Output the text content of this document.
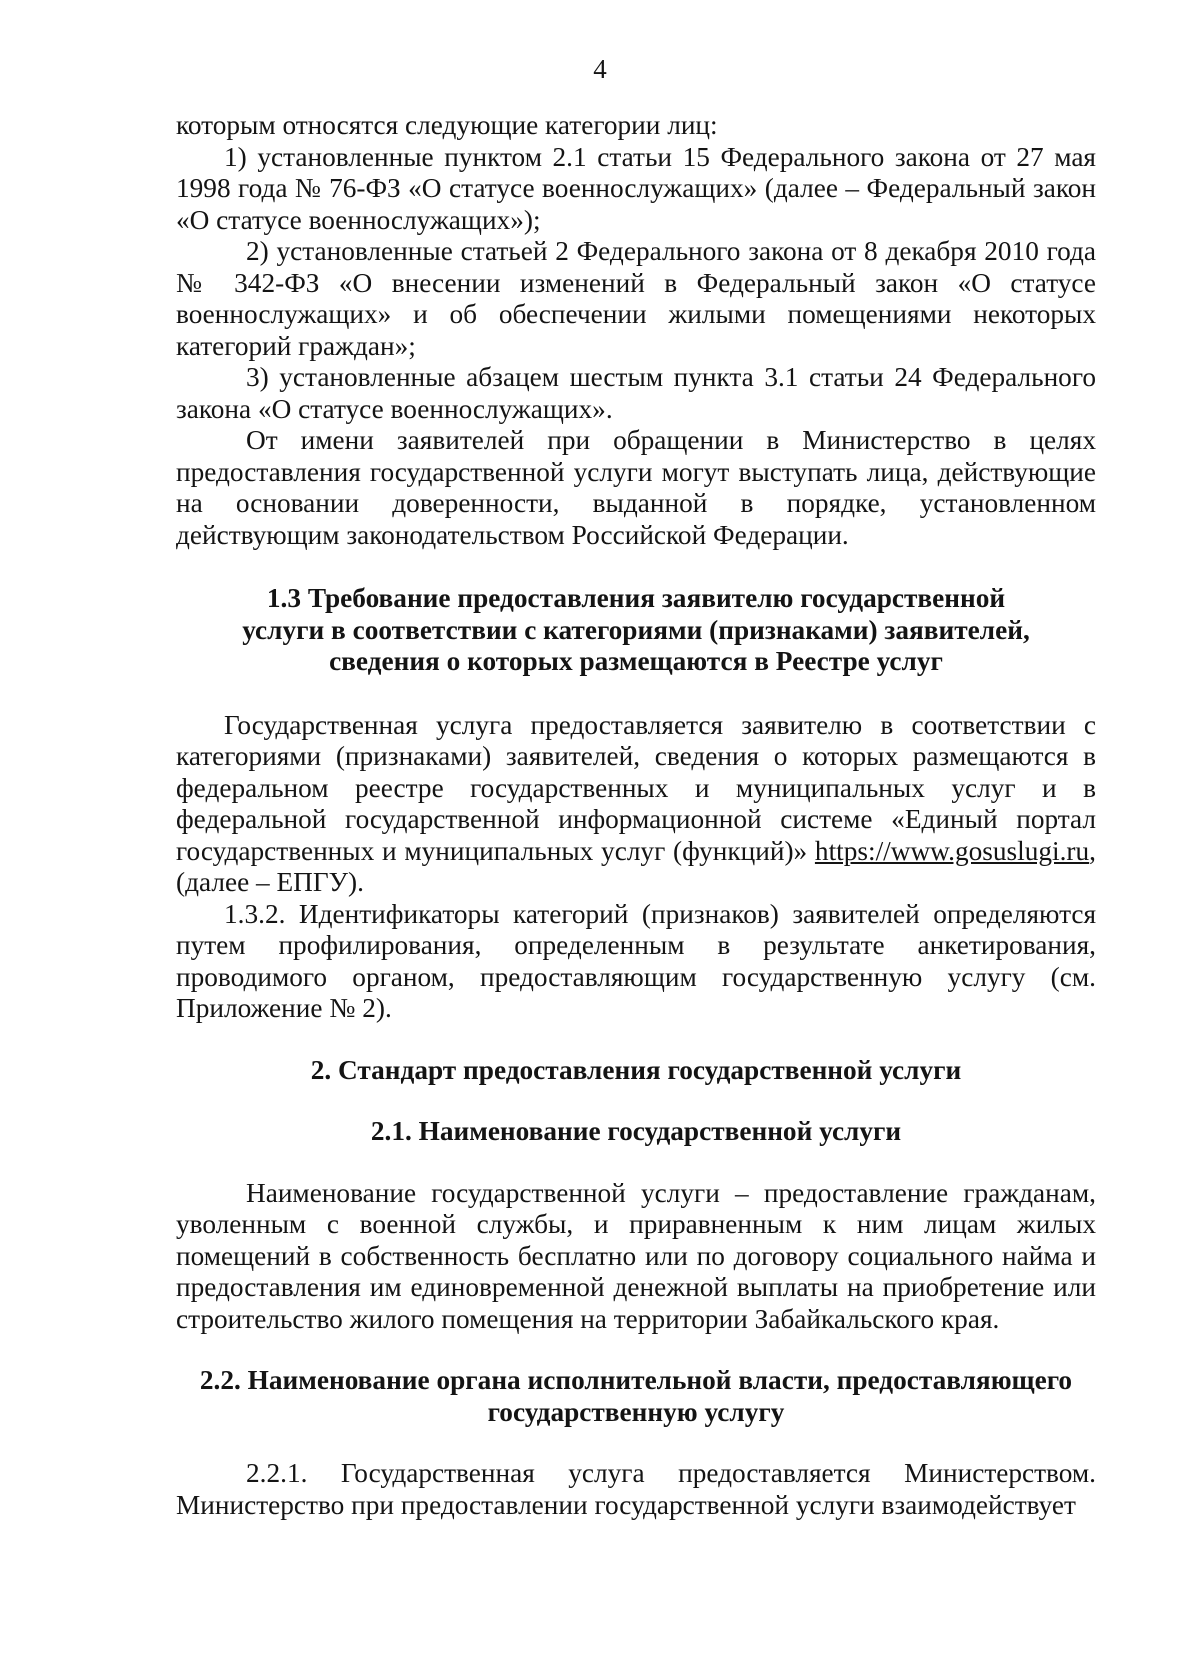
4

которым относятся следующие категории лиц:

1) установленные пунктом 2.1 статьи 15 Федерального закона от 27 мая 1998 года № 76-ФЗ «О статусе военнослужащих» (далее – Федеральный закон «О статусе военнослужащих»);

2) установленные статьей 2 Федерального закона от 8 декабря 2010 года № 342-ФЗ «О внесении изменений в Федеральный закон «О статусе военнослужащих» и об обеспечении жилыми помещениями некоторых категорий граждан»;

3) установленные абзацем шестым пункта 3.1 статьи 24 Федерального закона «О статусе военнослужащих».

От имени заявителей при обращении в Министерство в целях предоставления государственной услуги могут выступать лица, действующие на основании доверенности, выданной в порядке, установленном действующим законодательством Российской Федерации.

1.3 Требование предоставления заявителю государственной

услуги в соответствии с категориями (признаками) заявителей,

сведения о которых размещаются в Реестре услуг

Государственная услуга предоставляется заявителю в соответствии с категориями (признаками) заявителей, сведения о которых размещаются в федеральном реестре государственных и муниципальных услуг и в федеральной государственной информационной системе «Единый портал государственных и муниципальных услуг (функций)» https://www.gosuslugi.ru, (далее – ЕПГУ).

1.3.2. Идентификаторы категорий (признаков) заявителей определяются путем профилирования, определенным в результате анкетирования, проводимого органом, предоставляющим государственную услугу (см. Приложение № 2).

2. Стандарт предоставления государственной услуги

2.1. Наименование государственной услуги

Наименование государственной услуги – предоставление гражданам, уволенным с военной службы, и приравненным к ним лицам жилых помещений в собственность бесплатно или по договору социального найма и предоставления им единовременной денежной выплаты на приобретение или строительство жилого помещения на территории Забайкальского края.

2.2. Наименование органа исполнительной власти, предоставляющего

государственную услугу

2.2.1. Государственная услуга предоставляется Министерством. Министерство при предоставлении государственной услуги взаимодействует
